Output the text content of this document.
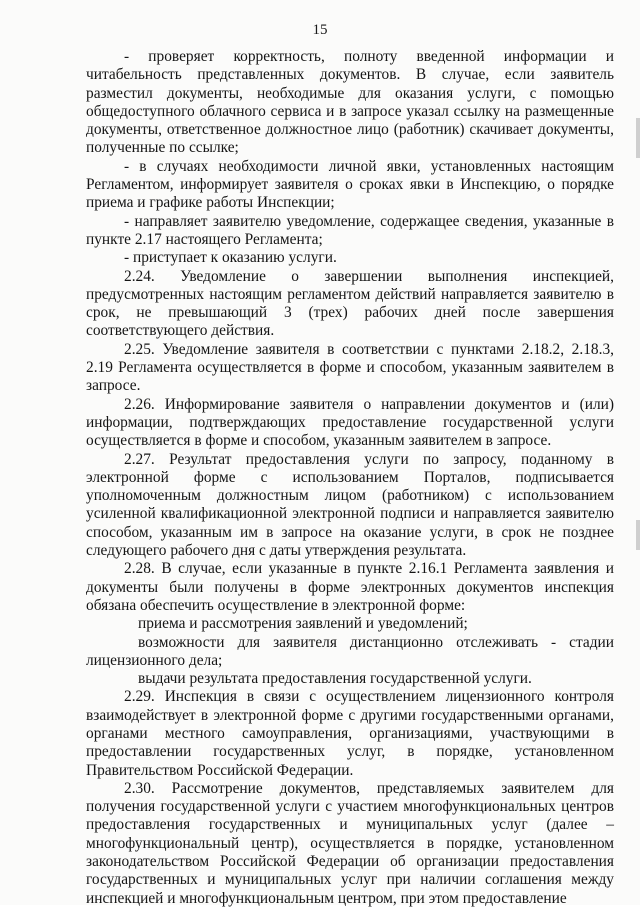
15

- проверяет корректность, полноту введенной информации и читабельность представленных документов. В случае, если заявитель разместил документы, необходимые для оказания услуги, с помощью общедоступного облачного сервиса и в запросе указал ссылку на размещенные документы, ответственное должностное лицо (работник) скачивает документы, полученные по ссылке;

- в случаях необходимости личной явки, установленных настоящим Регламентом, информирует заявителя о сроках явки в Инспекцию, о порядке приема и графике работы Инспекции;

- направляет заявителю уведомление, содержащее сведения, указанные в пункте 2.17 настоящего Регламента;

- приступает к оказанию услуги.

2.24. Уведомление о завершении выполнения инспекцией, предусмотренных настоящим регламентом действий направляется заявителю в срок, не превышающий 3 (трех) рабочих дней после завершения соответствующего действия.

2.25. Уведомление заявителя в соответствии с пунктами 2.18.2, 2.18.3, 2.19 Регламента осуществляется в форме и способом, указанным заявителем в запросе.

2.26. Информирование заявителя о направлении документов и (или) информации, подтверждающих предоставление государственной услуги осуществляется в форме и способом, указанным заявителем в запросе.

2.27. Результат предоставления услуги по запросу, поданному в электронной форме с использованием Порталов, подписывается уполномоченным должностным лицом (работником) с использованием усиленной квалификационной электронной подписи и направляется заявителю способом, указанным им в запросе на оказание услуги, в срок не позднее следующего рабочего дня с даты утверждения результата.

2.28. В случае, если указанные в пункте 2.16.1 Регламента заявления и документы были получены в форме электронных документов инспекция обязана обеспечить осуществление в электронной форме:

приема и рассмотрения заявлений и уведомлений;

возможности для заявителя дистанционно отслеживать - стадии лицензионного дела;

выдачи результата предоставления государственной услуги.

2.29. Инспекция в связи с осуществлением лицензионного контроля взаимодействует в электронной форме с другими государственными органами, органами местного самоуправления, организациями, участвующими в предоставлении государственных услуг, в порядке, установленном Правительством Российской Федерации.

2.30. Рассмотрение документов, представляемых заявителем для получения государственной услуги с участием многофункциональных центров предоставления государственных и муниципальных услуг (далее – многофункциональный центр), осуществляется в порядке, установленном законодательством Российской Федерации об организации предоставления государственных и муниципальных услуг при наличии соглашения между инспекцией и многофункциональным центром, при этом предоставление
